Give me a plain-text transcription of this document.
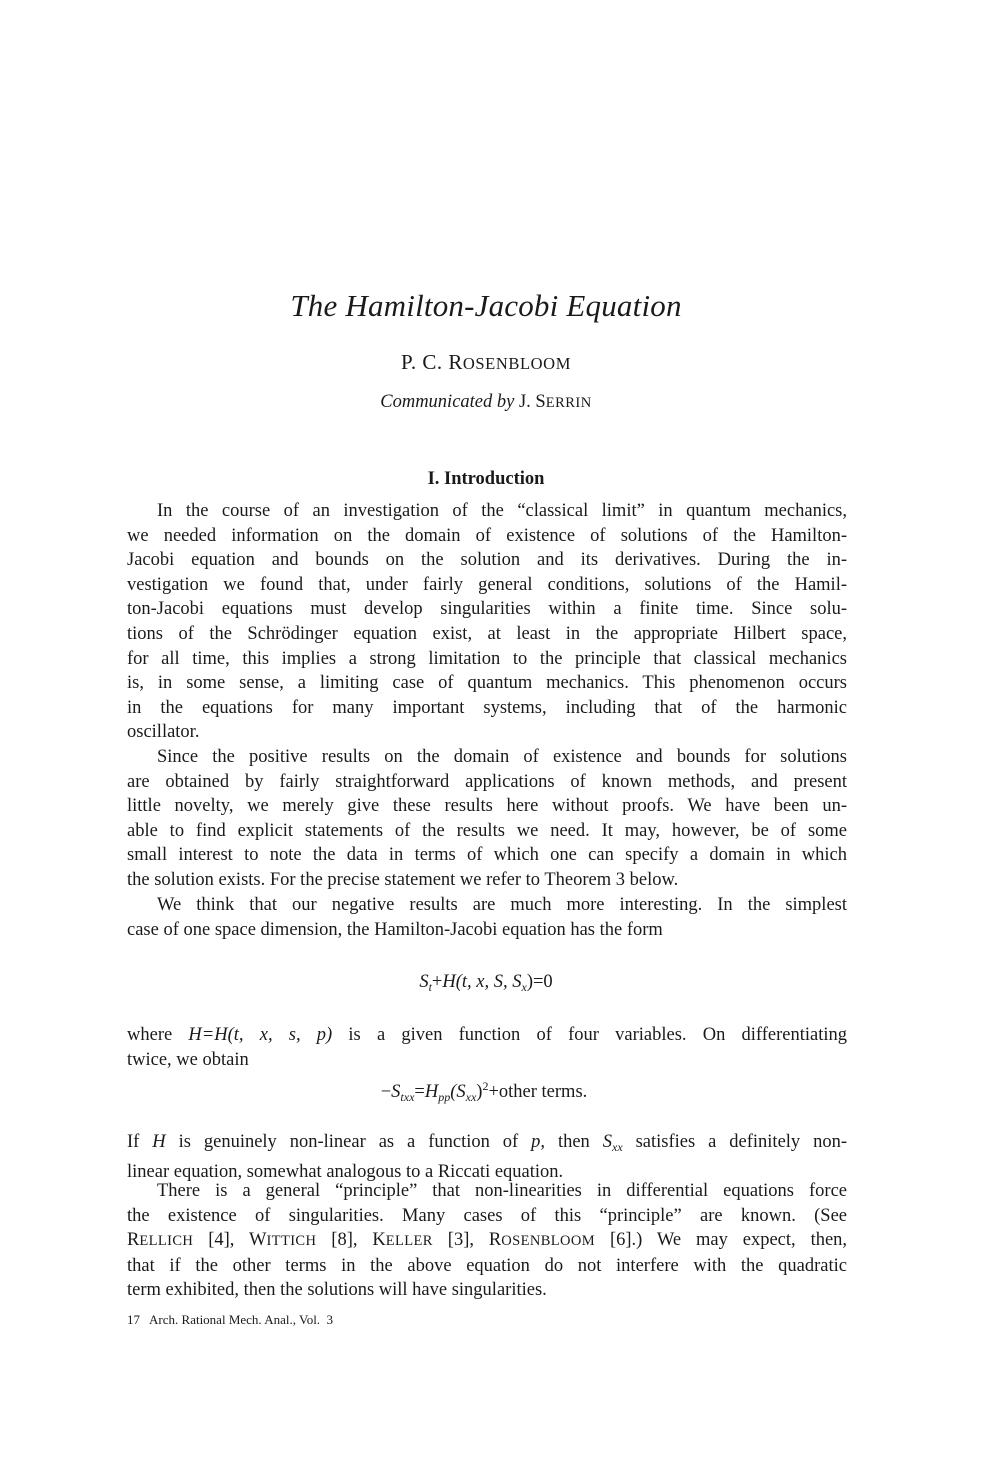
The Hamilton-Jacobi Equation
P. C. ROSENBLOOM
Communicated by J. SERRIN
I. Introduction
In the course of an investigation of the “classical limit” in quantum mechanics,
we needed information on the domain of existence of solutions of the Hamilton-
Jacobi equation and bounds on the solution and its derivatives. During the in-
vestigation we found that, under fairly general conditions, solutions of the Hamil-
ton-Jacobi equations must develop singularities within a finite time. Since solu-
tions of the Schrödinger equation exist, at least in the appropriate Hilbert space,
for all time, this implies a strong limitation to the principle that classical mechanics
is, in some sense, a limiting case of quantum mechanics. This phenomenon occurs
in the equations for many important systems, including that of the harmonic
oscillator.
Since the positive results on the domain of existence and bounds for solutions
are obtained by fairly straightforward applications of known methods, and present
little novelty, we merely give these results here without proofs. We have been un-
able to find explicit statements of the results we need. It may, however, be of some
small interest to note the data in terms of which one can specify a domain in which
the solution exists. For the precise statement we refer to Theorem 3 below.
We think that our negative results are much more interesting. In the simplest
case of one space dimension, the Hamilton-Jacobi equation has the form
$S_t+H(t$, x, S, $S_x)=0$
where H=H(t, x, s, p) is a given function of four variables. On differentiating
twice, we obtain
$-S_{txx}=H_{pp}(S_{xx})^2+other$ terms.
If H is genuinely non-linear as a function of p, then $S_{xx}$ satisfies a definitely non-
linear equation, somewhat analogous to a Riccati equation.
There is a general “principle” that non-linearities in differential equations force
the existence of singularities. Many cases of this “principle” are known. (See
RELLICH [4], WITTICH [8], KELLER [3], ROSENBLOOM [6].) We may expect, then,
that if the other terms in the above equation do not interfere with the quadratic
term exhibited, then the solutions will have singularities.
17   Arch. Rational Mech. Anal., Vol.  3
